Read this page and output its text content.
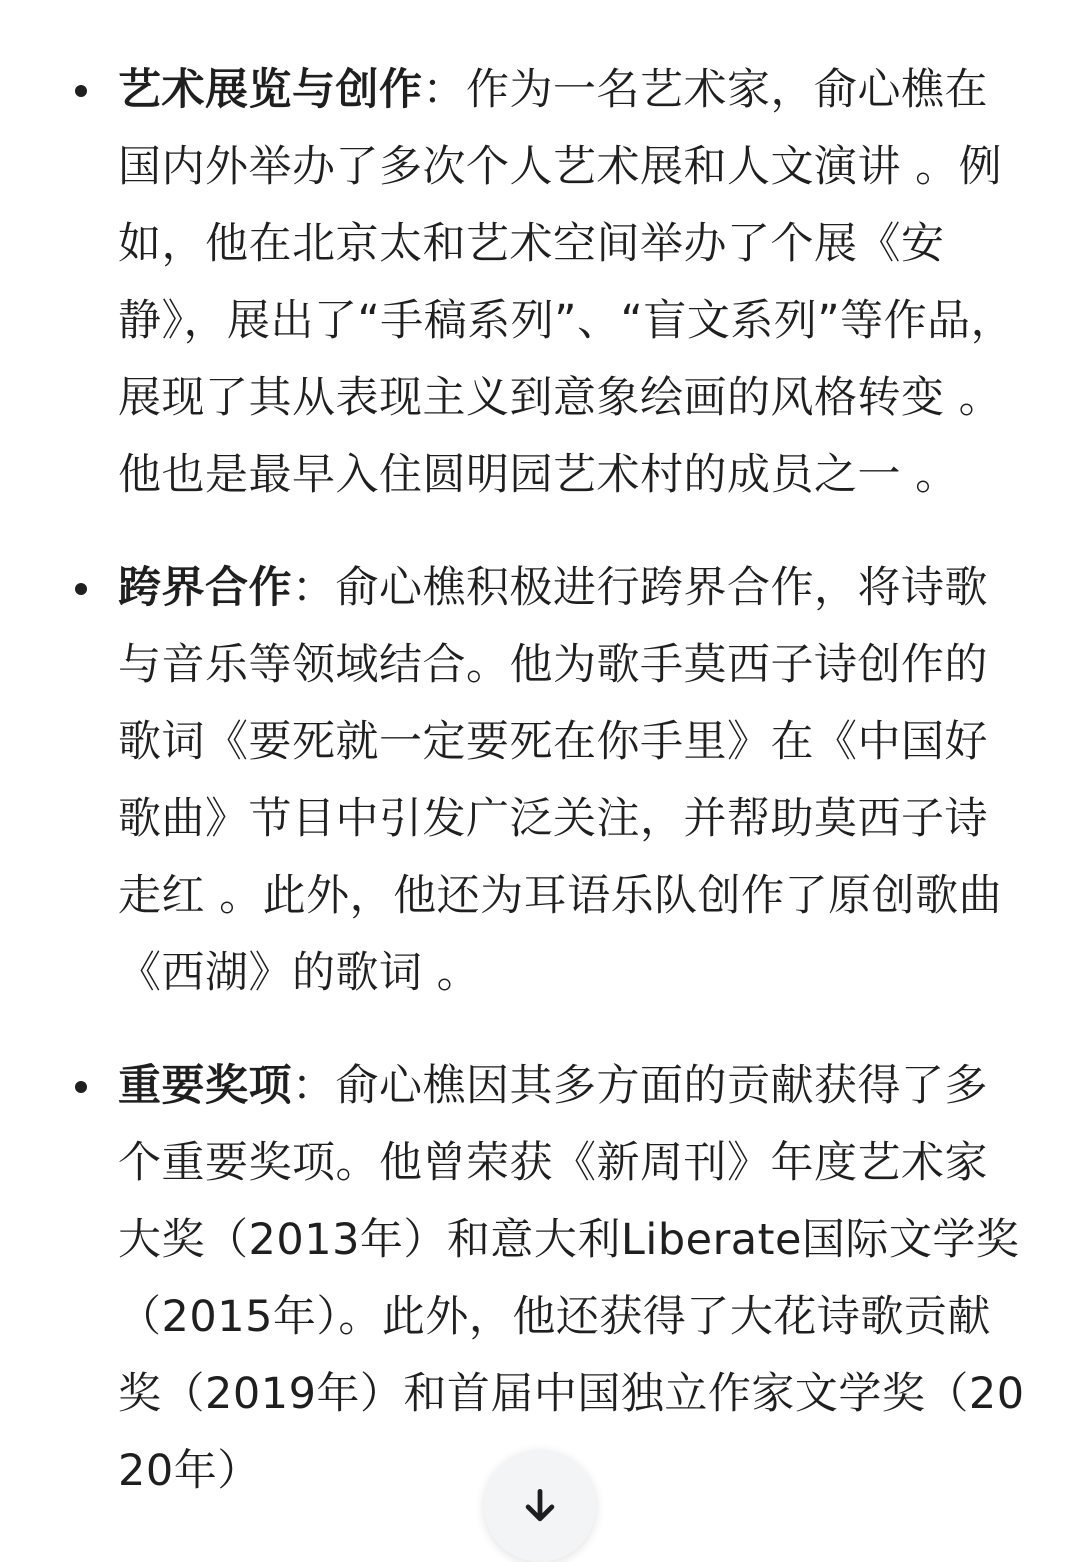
艺术展览与创作：作为一名艺术家，俞心樵在国内外举办了多次个人艺术展和人文演讲 。例如，他在北京太和艺术空间举办了个展《安静》，展出了“手稿系列”、“盲文系列”等作品，展现了其从表现主义到意象绘画的风格转变 。他也是最早入住圆明园艺术村的成员之一 。
跨界合作：俞心樵积极进行跨界合作，将诗歌与音乐等领域结合。他为歌手莫西子诗创作的歌词《要死就一定要死在你手里》在《中国好歌曲》节目中引发广泛关注，并帮助莫西子诗走红 。此外，他还为耳语乐队创作了原创歌曲《西湖》的歌词 。
重要奖项：俞心樵因其多方面的贡献获得了多个重要奖项。他曾荣获《新周刊》年度艺术家大奖（2013年）和意大利Liberate国际文学奖（2015年）。此外，他还获得了大花诗歌贡献奖（2019年）和首届中国独立作家文学奖（2020年）
